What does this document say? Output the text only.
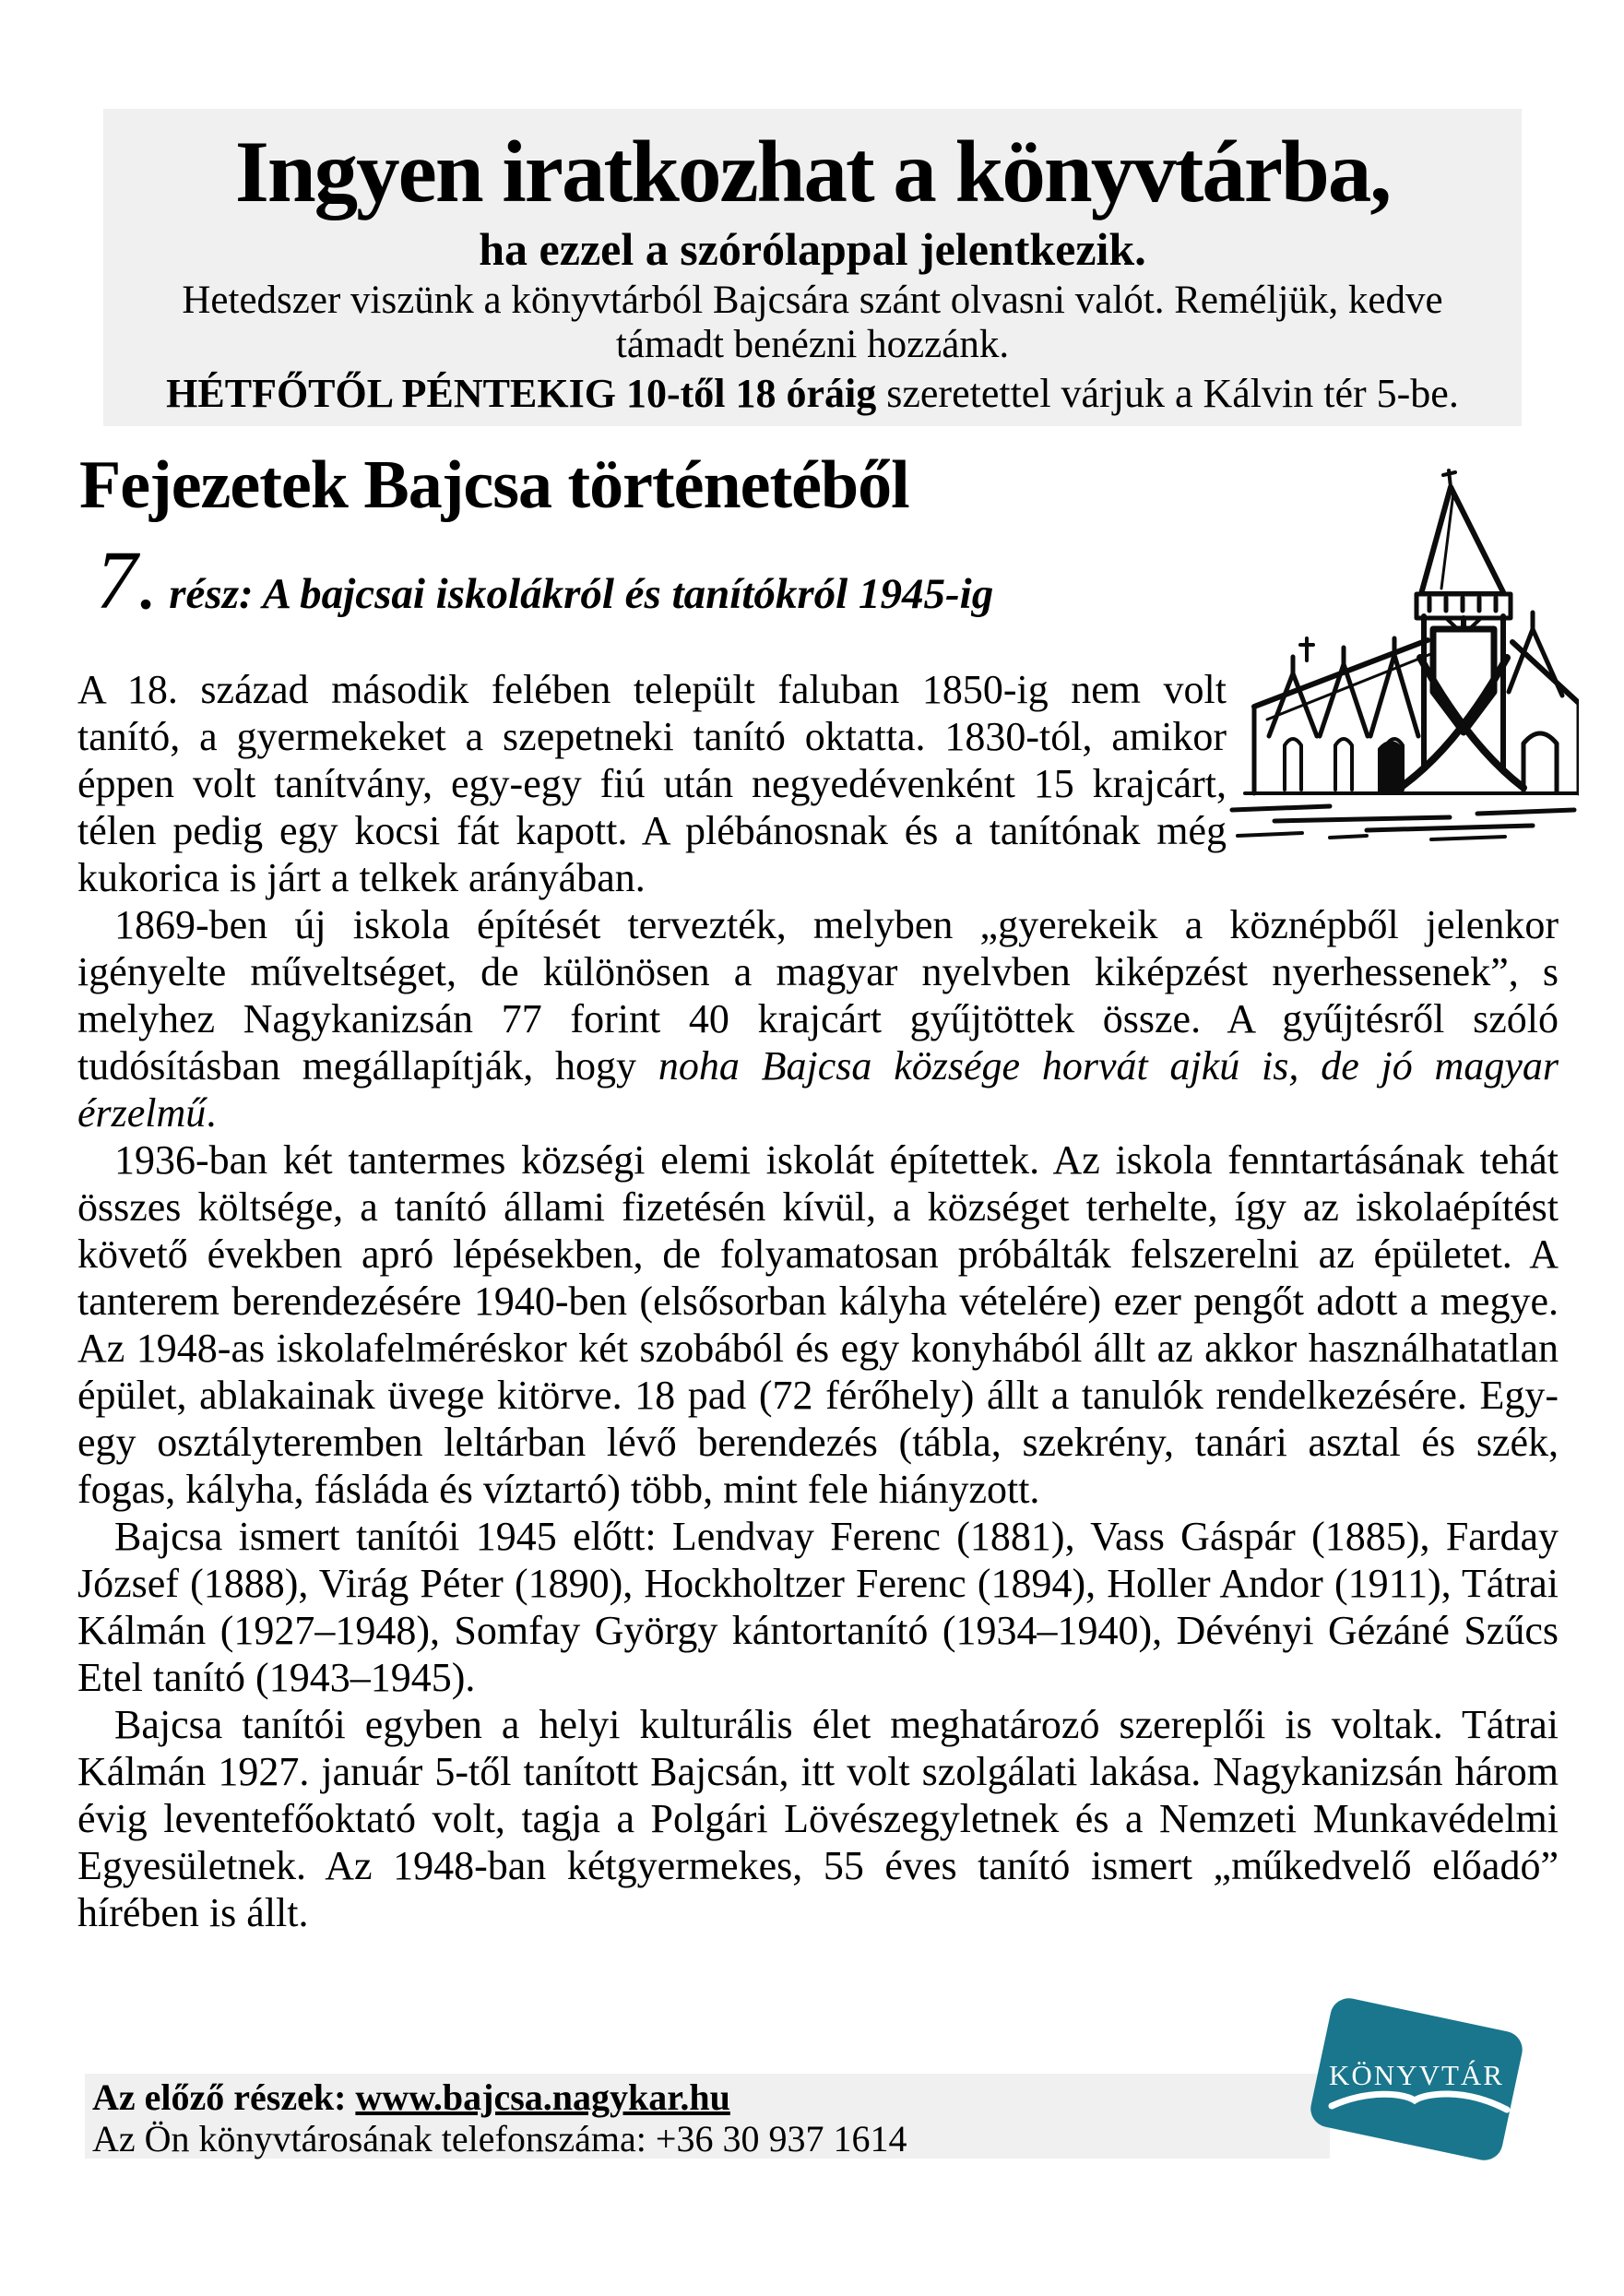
Ingyen iratkozhat a könyvtárba,
ha ezzel a szórólappal jelentkezik.
Hetedszer viszünk a könyvtárból Bajcsára szánt olvasni valót. Reméljük, kedve támadt benézni hozzánk.
HÉTFŐTŐL PÉNTEKIG 10-től 18 óráig szeretettel várjuk a Kálvin tér 5-be.
Fejezetek Bajcsa történetéből
7. rész: A bajcsai iskolákról és tanítókról 1945-ig

A 18. század második felében települt faluban 1850-ig nem volt tanító, a gyermekeket a szepetneki tanító oktatta. 1830-tól, amikor éppen volt tanítvány, egy-egy fiú után negyedévenként 15 krajcárt, télen pedig egy kocsi fát kapott. A plébánosnak és a tanítónak még kukorica is járt a telkek arányában.

1869-ben új iskola építését tervezték, melyben „gyerekeik a köznépből jelenkor igényelte műveltséget, de különösen a magyar nyelvben kiképzést nyerhessenek”, s melyhez Nagykanizsán 77 forint 40 krajcárt gyűjtöttek össze. A gyűjtésről szóló tudósításban megállapítják, hogy noha Bajcsa községe horvát ajkú is, de jó magyar érzelmű.

1936-ban két tantermes községi elemi iskolát építettek. Az iskola fenntartásának tehát összes költsége, a tanító állami fizetésén kívül, a községet terhelte, így az iskolaépítést követő években apró lépésekben, de folyamatosan próbálták felszerelni az épületet. A tanterem berendezésére 1940-ben (elsősorban kályha vételére) ezer pengőt adott a megye. Az 1948-as iskolafelméréskor két szobából és egy konyhából állt az akkor használhatatlan épület, ablakainak üvege kitörve. 18 pad (72 férőhely) állt a tanulók rendelkezésére. Egy-egy osztályteremben leltárban lévő berendezés (tábla, szekrény, tanári asztal és szék, fogas, kályha, fásláda és víztartó) több, mint fele hiányzott.

Bajcsa ismert tanítói 1945 előtt: Lendvay Ferenc (1881), Vass Gáspár (1885), Farday József (1888), Virág Péter (1890), Hockholtzer Ferenc (1894), Holler Andor (1911), Tátrai Kálmán (1927–1948), Somfay György kántortanító (1934–1940), Dévényi Gézáné Szűcs Etel tanító (1943–1945).

Bajcsa tanítói egyben a helyi kulturális élet meghatározó szereplői is voltak. Tátrai Kálmán 1927. január 5-től tanított Bajcsán, itt volt szolgálati lakása. Nagykanizsán három évig leventefőoktató volt, tagja a Polgári Lövészegyletnek és a Nemzeti Munkavédelmi Egyesületnek. Az 1948-ban kétgyermekes, 55 éves tanító ismert „műkedvelő előadó” hírében is állt.

Az előző részek: www.bajcsa.nagykar.hu
Az Ön könyvtárosának telefonszáma: +36 30 937 1614
KÖNYVTÁR
